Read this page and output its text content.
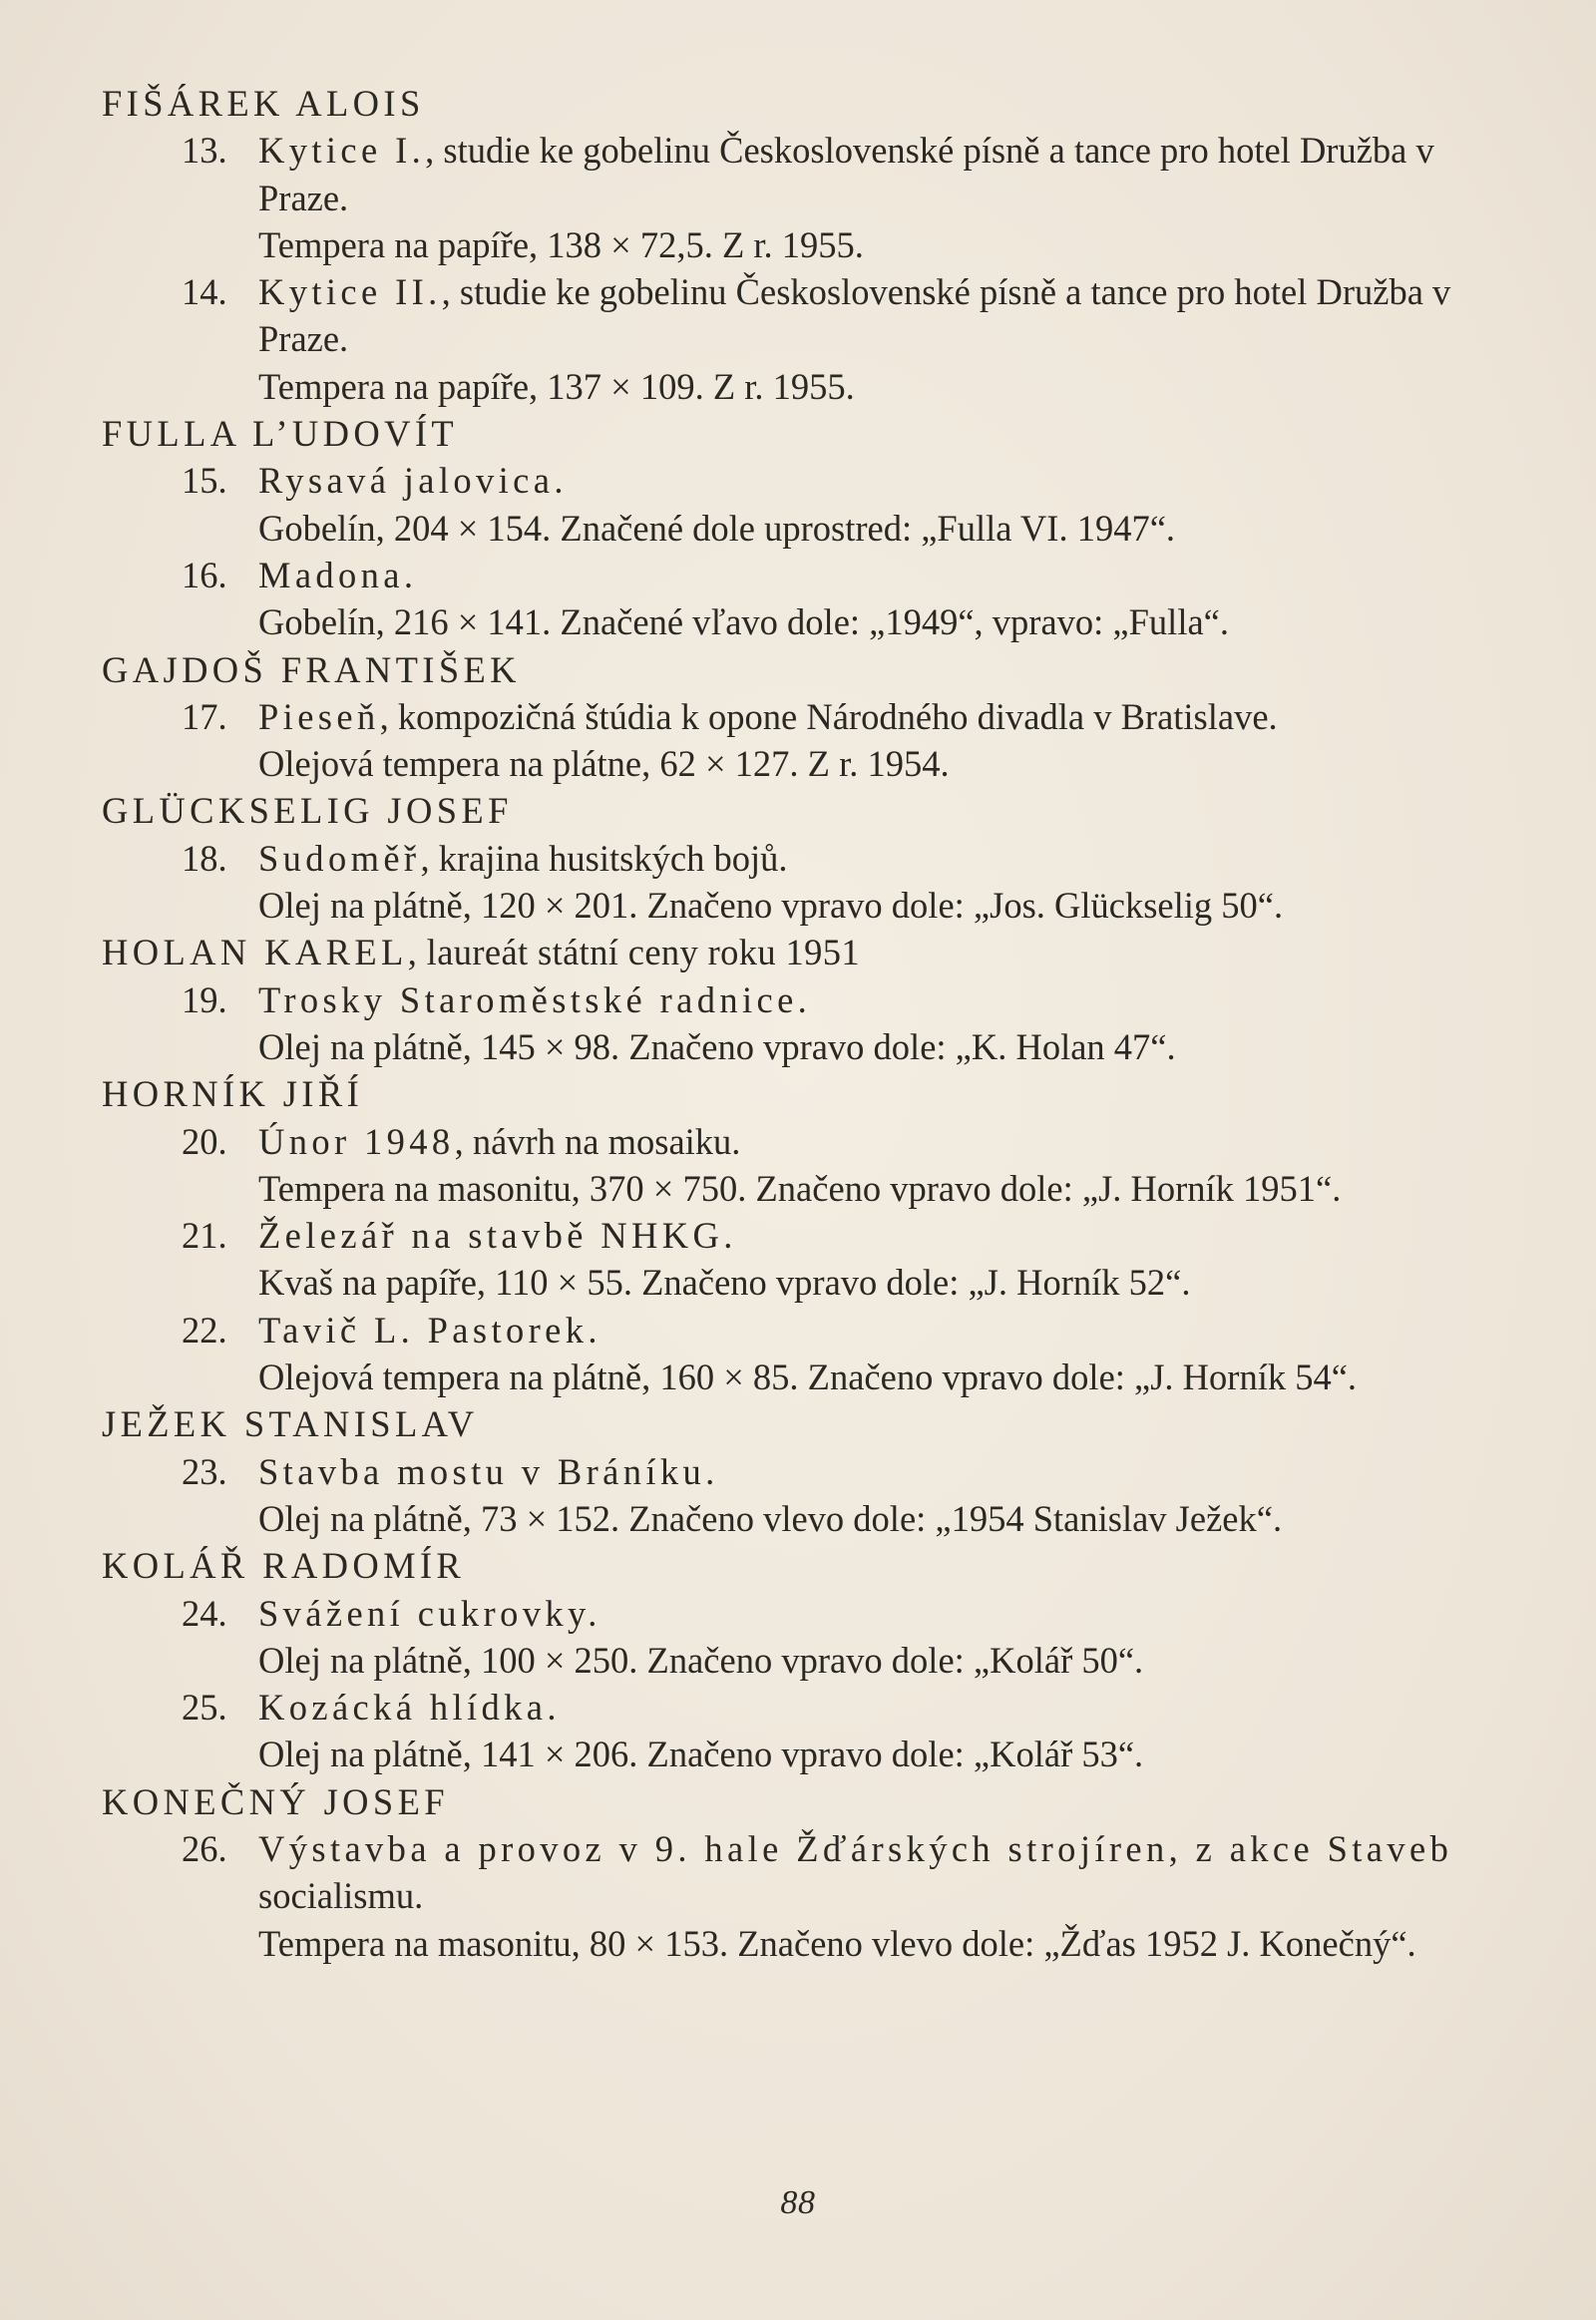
FIŠÁREK ALOIS
13. Kytice I., studie ke gobelinu Československé písně a tance pro hotel Družba v Praze.
Tempera na papíře, 138 × 72,5. Z r. 1955.
14. Kytice II., studie ke gobelinu Československé písně a tance pro hotel Družba v Praze.
Tempera na papíře, 137 × 109. Z r. 1955.
FULLA L’UDOVÍT
15. Rysavá jalovica.
Gobelín, 204 × 154. Značené dole uprostred: „Fulla VI. 1947“.
16. Madona.
Gobelín, 216 × 141. Značené vľavo dole: „1949“, vpravo: „Fulla“.
GAJDOŠ FRANTIŠEK
17. Pieseň, kompozičná štúdia k opone Národného divadla v Bratislave.
Olejová tempera na plátne, 62 × 127. Z r. 1954.
GLÜCKSELIG JOSEF
18. Sudoměř, krajina husitských bojů.
Olej na plátně, 120 × 201. Značeno vpravo dole: „Jos. Glückselig 50“.
HOLAN KAREL, laureát státní ceny roku 1951
19. Trosky Staroměstské radnice.
Olej na plátně, 145 × 98. Značeno vpravo dole: „K. Holan 47“.
HORNÍK JIŘÍ
20. Únor 1948, návrh na mosaiku.
Tempera na masonitu, 370 × 750. Značeno vpravo dole: „J. Horník 1951“.
21. Železář na stavbě NHKG.
Kvaš na papíře, 110 × 55. Značeno vpravo dole: „J. Horník 52“.
22. Tavič L. Pastorek.
Olejová tempera na plátně, 160 × 85. Značeno vpravo dole: „J. Horník 54“.
JEŽEK STANISLAV
23. Stavba mostu v Bráníku.
Olej na plátně, 73 × 152. Značeno vlevo dole: „1954 Stanislav Ježek“.
KOLÁŘ RADOMÍR
24. Svážení cukrovky.
Olej na plátně, 100 × 250. Značeno vpravo dole: „Kolář 50“.
25. Kozácká hlídka.
Olej na plátně, 141 × 206. Značeno vpravo dole: „Kolář 53“.
KONEČNÝ JOSEF
26. Výstavba a provoz v 9. hale Žďárských strojíren, z akce Staveb socialismu.
Tempera na masonitu, 80 × 153. Značeno vlevo dole: „Žďas 1952 J. Konečný“.
88
